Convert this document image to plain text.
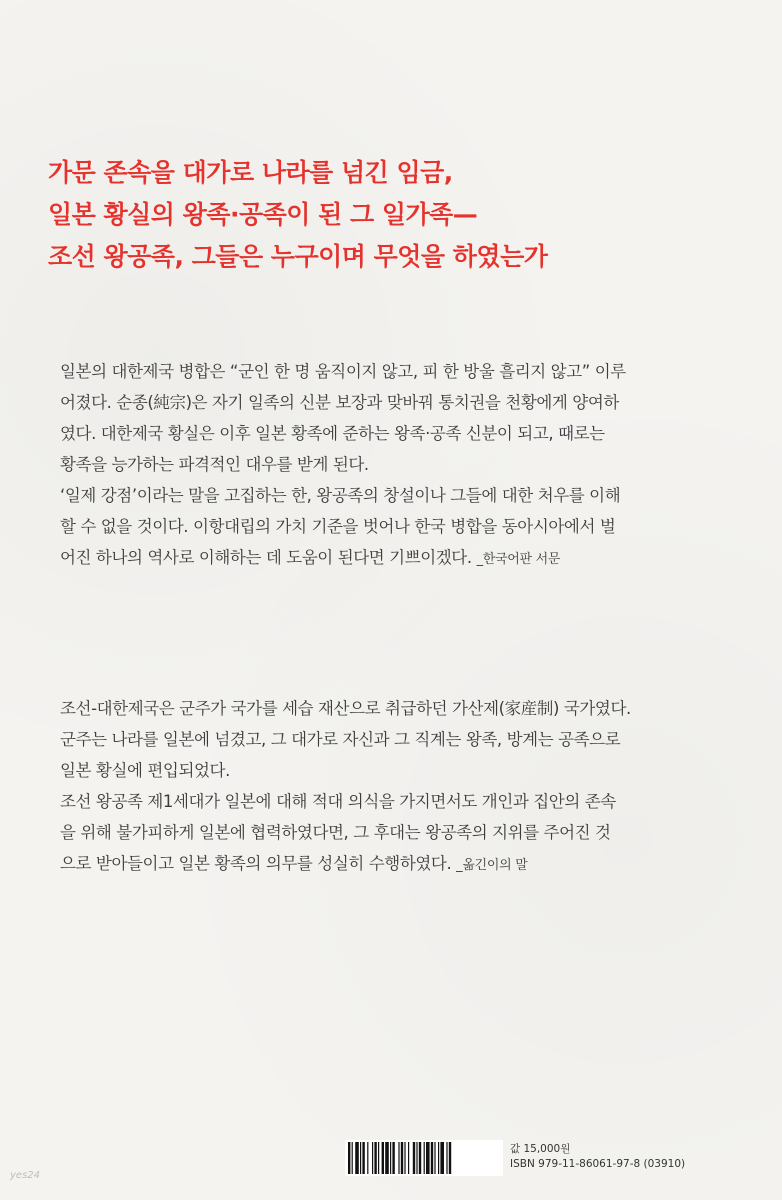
가문 존속을 대가로 나라를 넘긴 임금,
일본 황실의 왕족·공족이 된 그 일가족—
조선 왕공족, 그들은 누구이며 무엇을 하였는가
일본의 대한제국 병합은 “군인 한 명 움직이지 않고, 피 한 방울 흘리지 않고” 이루
어졌다. 순종(純宗)은 자기 일족의 신분 보장과 맞바꿔 통치권을 천황에게 양여하
였다. 대한제국 황실은 이후 일본 황족에 준하는 왕족·공족 신분이 되고, 때로는
황족을 능가하는 파격적인 대우를 받게 된다.
‘일제 강점’이라는 말을 고집하는 한, 왕공족의 창설이나 그들에 대한 처우를 이해
할 수 없을 것이다. 이항대립의 가치 기준을 벗어나 한국 병합을 동아시아에서 벌
어진 하나의 역사로 이해하는 데 도움이 된다면 기쁘이겠다. _한국어판 서문
조선-대한제국은 군주가 국가를 세습 재산으로 취급하던 가산제(家産制) 국가였다.
군주는 나라를 일본에 넘겼고, 그 대가로 자신과 그 직계는 왕족, 방계는 공족으로
일본 황실에 편입되었다.
조선 왕공족 제1세대가 일본에 대해 적대 의식을 가지면서도 개인과 집안의 존속
을 위해 불가피하게 일본에 협력하였다면, 그 후대는 왕공족의 지위를 주어진 것
으로 받아들이고 일본 황족의 의무를 성실히 수행하였다. _옮긴이의 말
값 15,000원
ISBN 979-11-86061-97-8 (03910)
yes24
